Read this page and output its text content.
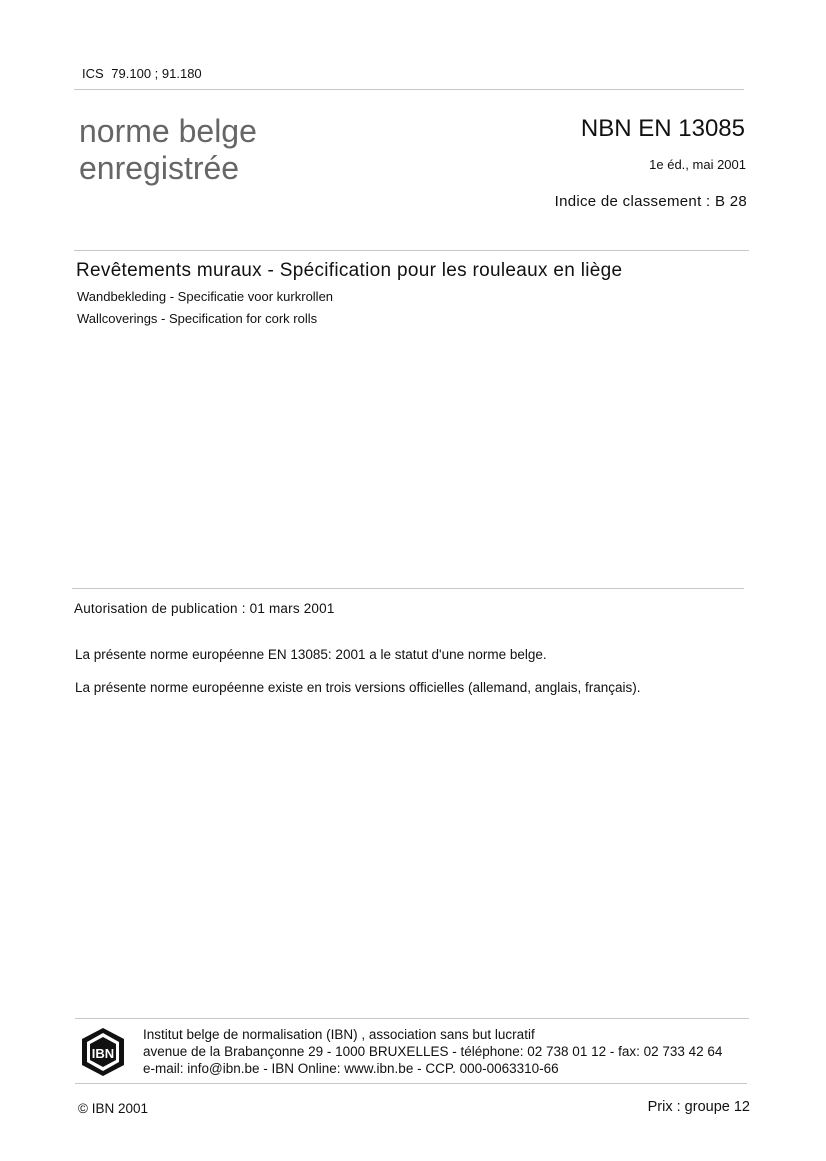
ICS 79.100 ; 91.180
norme belge
enregistrée
NBN EN 13085
1e éd., mai 2001
Indice de classement : B 28
Revêtements muraux - Spécification pour les rouleaux en liège
Wandbekleding - Specificatie voor kurkrollen
Wallcoverings - Specification for cork rolls
Autorisation de publication : 01 mars 2001
La présente norme européenne EN 13085: 2001 a le statut d'une norme belge.
La présente norme européenne existe en trois versions officielles (allemand, anglais, français).
IBN
Institut belge de normalisation (IBN) , association sans but lucratif
avenue de la Brabançonne 29 - 1000 BRUXELLES - téléphone: 02 738 01 12 - fax: 02 733 42 64
e-mail: info@ibn.be - IBN Online: www.ibn.be - CCP. 000-0063310-66
© IBN 2001	Prix : groupe 12
